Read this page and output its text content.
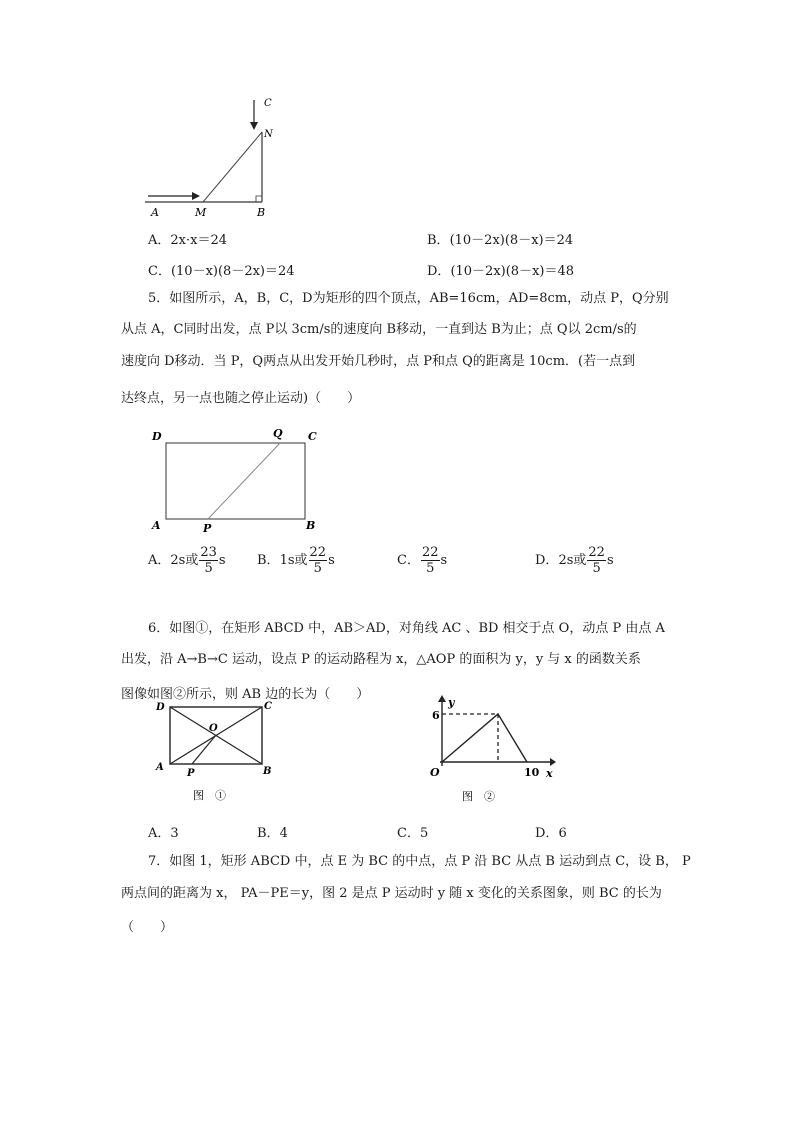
A	M	B
N
C
A．2x·x＝24	B．(10－2x)(8－x)＝24
C．(10－x)(8－2x)＝24	D．(10－2x)(8－x)＝48
5．如图所示，A，B，C，D为矩形的四个顶点，AB=16cm，AD=8cm，动点 P，Q分别
从点 A，C同时出发，点 P以 3cm/s的速度向 B移动，一直到达 B为止；点 Q以 2cm/s的
速度向 D移动．当 P，Q两点从出发开始几秒时，点 P和点 Q的距离是 10cm．(若一点到
达终点，另一点也随之停止运动)（　　）
D	Q C
A	P	B
A．2s或 $\frac{23}{5}$ s B．1s或 $\frac{22}{5}$ s	C． $\frac{22}{5}$ s	D．2s或 $\frac{22}{5}$ s
6．如图①，在矩形 ABCD 中，AB＞AD，对角线 AC 、BD 相交于点 O，动点 P 由点 A
出发，沿 A→B→C 运动，设点 P 的运动路程为 x，△AOP 的面积为 y，y 与 x 的函数关系
图像如图②所示，则 AB 边的长为（　　）
D	C
O
A
P	B
图　①
y
6
O	10 x
图　②
A．3	B．4	C．5	D．6
7．如图 1，矩形 ABCD 中，点 E 为 BC 的中点，点 P 沿 BC 从点 B 运动到点 C，设 B， P
两点间的距离为 x， PA－PE＝y，图 2 是点 P 运动时 y 随 x 变化的关系图象，则 BC 的长为
（　　）
